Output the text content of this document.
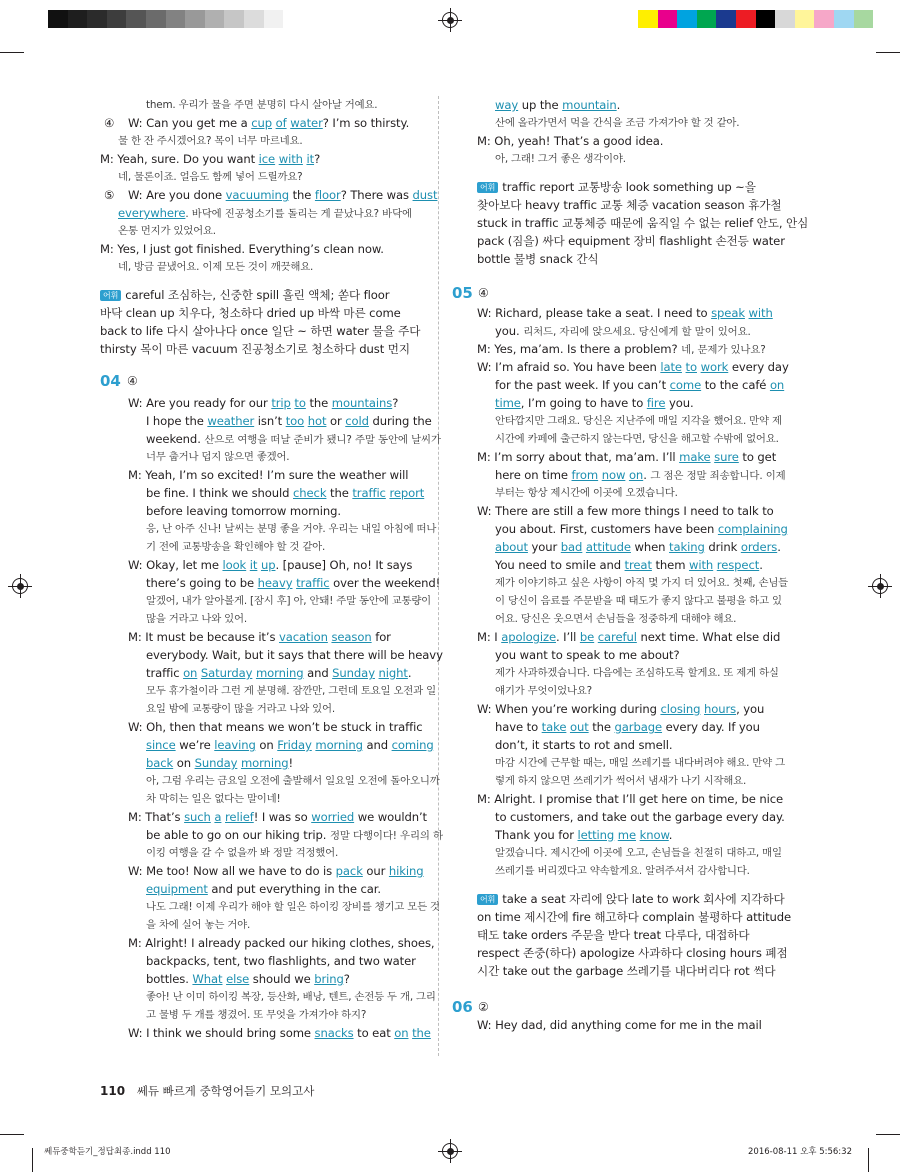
them. 우리가 물을 주면 분명히 다시 살아날 거예요.
④ W: Can you get me a cup of water? I’m so thirsty.
물 한 잔 주시겠어요? 목이 너무 마르네요.
M: Yeah, sure. Do you want ice with it?
네, 물론이죠. 얼음도 함께 넣어 드릴까요?
⑤ W: Are you done vacuuming the floor? There was dust
everywhere. 바닥에 진공청소기를 돌리는 게 끝났나요? 바닥에
온통 먼지가 있었어요.
M: Yes, I just got finished. Everything’s clean now.
네, 방금 끝냈어요. 이제 모든 것이 깨끗해요.
어휘 careful 조심하는, 신중한 spill 흘린 액체; 쏟다 floor
바닥 clean up 치우다, 청소하다 dried up 바싹 마른 come
back to life 다시 살아나다 once 일단 ~ 하면 water 물을 주다
thirsty 목이 마른 vacuum 진공청소기로 청소하다 dust 먼지
W: Are you ready for our trip to the mountains?
I hope the weather isn’t too hot or cold during the
weekend. 산으로 여행을 떠날 준비가 됐니? 주말 동안에 날씨가
너무 춥거나 덥지 않으면 좋겠어.
M: Yeah, I’m so excited! I’m sure the weather will
be fine. I think we should check the traffic report
before leaving tomorrow morning.
응, 난 아주 신나! 날씨는 분명 좋을 거야. 우리는 내일 아침에 떠나
기 전에 교통방송을 확인해야 할 것 같아.
W: Okay, let me look it up. [pause] Oh, no! It says
there’s going to be heavy traffic over the weekend!
알겠어, 내가 알아볼게. [잠시 후] 아, 안돼! 주말 동안에 교통량이
많을 거라고 나와 있어.
M: It must be because it’s vacation season for
everybody. Wait, but it says that there will be heavy
traffic on Saturday morning and Sunday night.
모두 휴가철이라 그런 게 분명해. 잠깐만, 그런데 토요일 오전과 일
요일 밤에 교통량이 많을 거라고 나와 있어.
W: Oh, then that means we won’t be stuck in traffic
since we’re leaving on Friday morning and coming
back on Sunday morning!
아, 그럼 우리는 금요일 오전에 출발해서 일요일 오전에 돌아오니까
차 막히는 일은 없다는 말이네!
M: That’s such a relief! I was so worried we wouldn’t
be able to go on our hiking trip. 정말 다행이다! 우리의 하
이킹 여행을 갈 수 없을까 봐 정말 걱정했어.
W: Me too! Now all we have to do is pack our hiking
equipment and put everything in the car.
나도 그래! 이제 우리가 해야 할 일은 하이킹 장비를 챙기고 모든 것
을 차에 실어 놓는 거야.
M: Alright! I already packed our hiking clothes, shoes,
backpacks, tent, two flashlights, and two water
bottles. What else should we bring?
좋아! 난 이미 하이킹 복장, 등산화, 배낭, 텐트, 손전등 두 개, 그리
고 물병 두 개를 챙겼어. 또 무엇을 가져가야 하지?
W: I think we should bring some snacks to eat on the
way up the mountain.
산에 올라가면서 먹을 간식을 조금 가져가야 할 것 같아.
M: Oh, yeah! That’s a good idea.
아, 그래! 그거 좋은 생각이야.
어휘 traffic report 교통방송 look something up ~을
찾아보다 heavy traffic 교통 체증 vacation season 휴가철
stuck in traffic 교통체증 때문에 움직일 수 없는 relief 안도, 안심
pack (짐을) 싸다 equipment 장비 flashlight 손전등 water
bottle 물병 snack 간식
W: Richard, please take a seat. I need to speak with
you. 리처드, 자리에 앉으세요. 당신에게 할 말이 있어요.
M: Yes, ma’am. Is there a problem? 네, 문제가 있나요?
W: I’m afraid so. You have been late to work every day
for the past week. If you can’t come to the café on
time, I’m going to have to fire you.
안타깝지만 그래요. 당신은 지난주에 매일 지각을 했어요. 만약 제
시간에 카페에 출근하지 않는다면, 당신을 해고할 수밖에 없어요.
M: I’m sorry about that, ma’am. I’ll make sure to get
here on time from now on. 그 점은 정말 죄송합니다. 이제
부터는 항상 제시간에 이곳에 오겠습니다.
W: There are still a few more things I need to talk to
you about. First, customers have been complaining
about your bad attitude when taking drink orders.
You need to smile and treat them with respect.
제가 이야기하고 싶은 사항이 아직 몇 가지 더 있어요. 첫째, 손님들
이 당신이 음료를 주문받을 때 태도가 좋지 않다고 불평을 하고 있
어요. 당신은 웃으면서 손님들을 정중하게 대해야 해요.
M: I apologize. I’ll be careful next time. What else did
you want to speak to me about?
제가 사과하겠습니다. 다음에는 조심하도록 할게요. 또 제게 하실
얘기가 무엇이었나요?
W: When you’re working during closing hours, you
have to take out the garbage every day. If you
don’t, it starts to rot and smell.
마감 시간에 근무할 때는, 매일 쓰레기를 내다버려야 해요. 만약 그
렇게 하지 않으면 쓰레기가 썩어서 냄새가 나기 시작해요.
M: Alright. I promise that I’ll get here on time, be nice
to customers, and take out the garbage every day.
Thank you for letting me know.
알겠습니다. 제시간에 이곳에 오고, 손님들을 친절히 대하고, 매일
쓰레기를 버리겠다고 약속할게요. 알려주셔서 감사합니다.
어휘 take a seat 자리에 앉다 late to work 회사에 지각하다
on time 제시간에 fire 해고하다 complain 불평하다 attitude
태도 take orders 주문을 받다 treat 다루다, 대접하다
respect 존중(하다) apologize 사과하다 closing hours 폐점
시간 take out the garbage 쓰레기를 내다버리다 rot 썩다
W: Hey dad, did anything come for me in the mail
04 ④
05 ④
06 ②
110 쎄듀 빠르게 중학영어듣기 모의고사
쎄듀중학듣기_정답최종.indd 110	2016-08-11 오후 5:56:32
